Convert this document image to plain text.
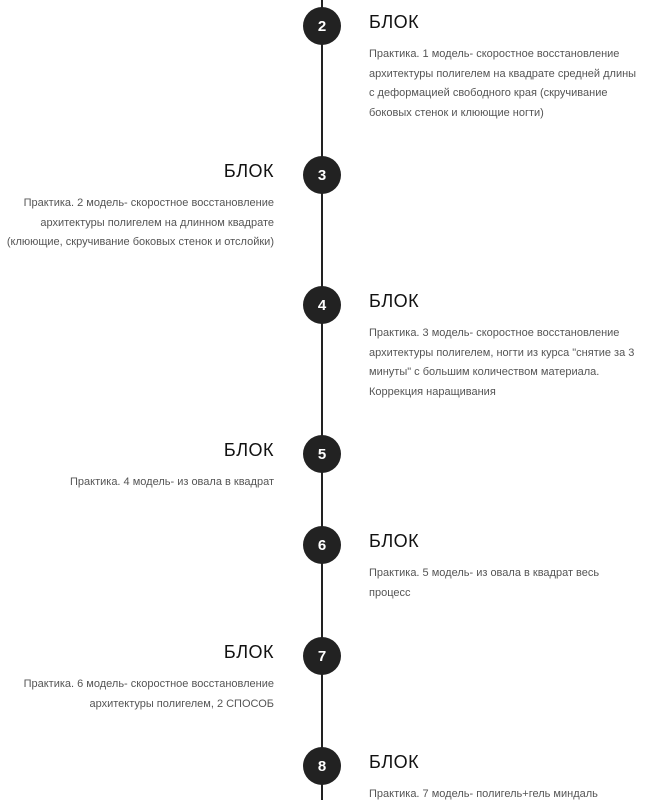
2	БЛОК
Практика. 1 модель- скоростное восстановление архитектуры полигелем на квадрате средней длины с деформацией свободного края (скручивание боковых стенок и клюющие ногти)
3
БЛОК
Практика. 2 модель- скоростное восстановление архитектуры полигелем на длинном квадрате (клюющие, скручивание боковых стенок и отслойки)
4	БЛОК
Практика. 3 модель- скоростное восстановление архитектуры полигелем, ногти из курса "снятие за 3 минуты" с большим количеством материала. Коррекция наращивания
5
БЛОК
Практика. 4 модель- из овала в квадрат
6	БЛОК
Практика. 5 модель- из овала в квадрат весь процесс
7
БЛОК
Практика. 6 модель- скоростное восстановление архитектуры полигелем, 2 СПОСОБ
8	БЛОК
Практика. 7 модель- полигель+гель миндаль
